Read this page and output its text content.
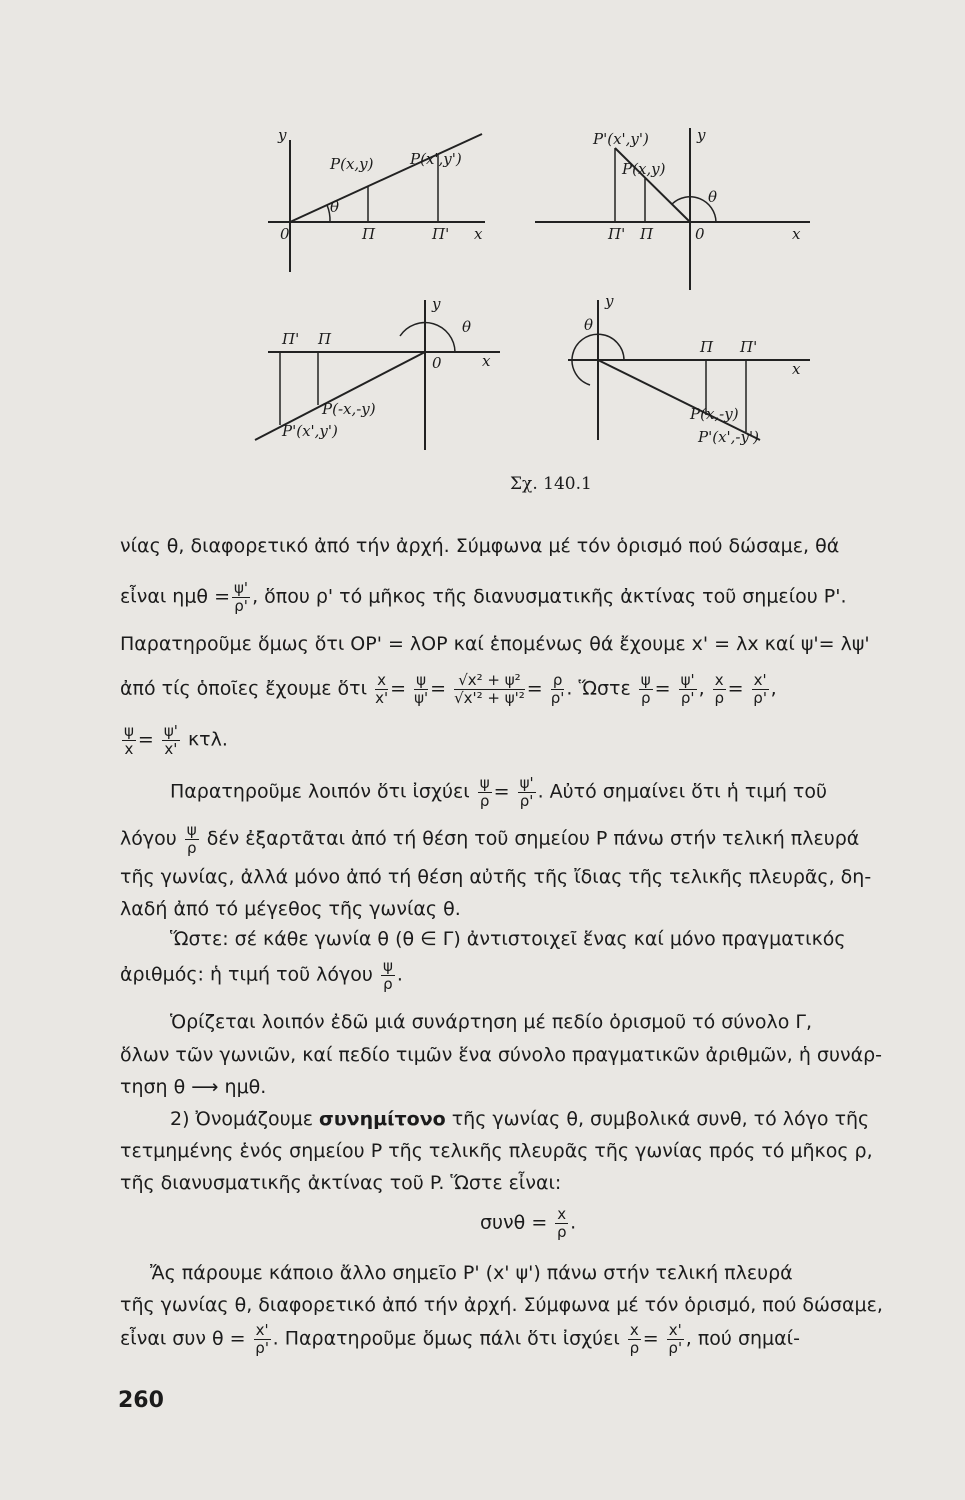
y
P(x,y) P(x',y')
θ
0	Π	Π' x
P'(x',y')
P(x,y)
y
θ
Π' Π	0	x
y
θ
Π' Π
0	x
P(-x,-y)
P'(x',y')
y
θ
Π Π'
x
P(x,-y)
P'(x',-y')
Σχ. 140.1
νίας θ, διαφορετικό ἀπό τήν ἀρχή. Σύμφωνα μέ τόν ὁρισμό πού δώσαμε, θά
εἶναι $\eta\mu\theta = \frac{\psi'}{\rho'}$ , ὅπου ρ' τό μῆκος τῆς διανυσματικῆς ἀκτίνας τοῦ σημείου P'.
Παρατηροῦμε ὅμως ὅτι OP' = λOP καί ἑπομένως θά ἔχουμε x' = λx καί ψ'= λψ'
ἀπό τίς ὁποῖες ἔχουμε ὅτι $\frac{x}{x'} = \frac{\psi}{\psi'} = \frac{\text{√x² + ψ²}}{\text{√x'² + ψ'²}} = \frac{\rho}{\rho'}$ . Ὥστε $\frac{\psi}{\rho} = \frac{\psi'}{\rho'}$ , $\frac{x}{\rho} = \frac{x'}{\rho'}$ ,
$\frac{\psi}{x} = \frac{\psi'}{x'} \kappa\tau\lambda$.
Παρατηροῦμε λοιπόν ὅτι ἰσχύει $\frac{\psi}{\rho} = \frac{\psi'}{\rho'}$ . Αὐτό σημαίνει ὅτι ἡ τιμή τοῦ
λόγου $\frac{\psi}{\rho}$ δέν ἐξαρτᾶται ἀπό τή θέση τοῦ σημείου P πάνω στήν τελική πλευρά
τῆς γωνίας, ἀλλά μόνο ἀπό τή θέση αὐτῆς τῆς ἴδιας τῆς τελικῆς πλευρᾶς, δη-
λαδή ἀπό τό μέγεθος τῆς γωνίας θ.
Ὥστε: σέ κάθε γωνία θ (θ ∈ Γ) ἀντιστοιχεῖ ἕνας καί μόνο πραγματικός
ἀριθμός: ἡ τιμή τοῦ λόγου $\frac{\psi}{\rho}$ .
Ὁρίζεται λοιπόν ἐδῶ μιά συνάρτηση μέ πεδίο ὁρισμοῦ τό σύνολο Γ,
ὅλων τῶν γωνιῶν, καί πεδίο τιμῶν ἕνα σύνολο πραγματικῶν ἀριθμῶν, ἡ συνάρ-
τηση θ ⟶ ημθ.
2) Ὀνομάζουμε συνημίτονο τῆς γωνίας θ, συμβολικά συνθ, τό λόγο τῆς
τετμημένης ἑνός σημείου P τῆς τελικῆς πλευρᾶς τῆς γωνίας πρός τό μῆκος ρ,
τῆς διανυσματικῆς ἀκτίνας τοῦ P. Ὥστε εἶναι:
$\sigma\upsilon\nu\theta = \frac{x}{\rho}$ .
Ἄς πάρουμε κάποιο ἄλλο σημεῖο P' (x' ψ') πάνω στήν τελική πλευρά
τῆς γωνίας θ, διαφορετικό ἀπό τήν ἀρχή. Σύμφωνα μέ τόν ὁρισμό, πού δώσαμε,
εἶναι συν $\theta = \frac{x'}{\rho'}$ . Παρατηροῦμε ὅμως πάλι ὅτι ἰσχύει $\frac{x}{\rho} = \frac{x'}{\rho'}$ , πού σημαί-
260
